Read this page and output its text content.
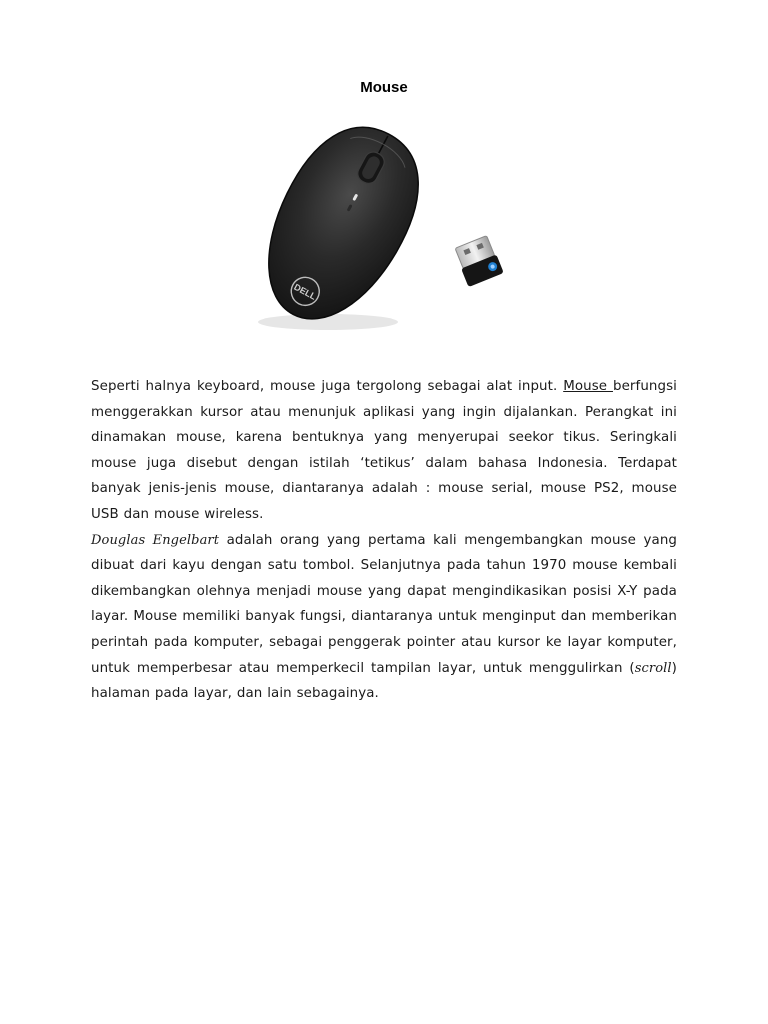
Mouse
DELL

Seperti halnya keyboard, mouse juga tergolong sebagai alat input. Mouse berfungsi menggerakkan kursor atau menunjuk aplikasi yang ingin dijalankan. Perangkat ini dinamakan mouse, karena bentuknya yang menyerupai seekor tikus. Seringkali mouse juga disebut dengan istilah ‘tetikus’ dalam bahasa Indonesia. Terdapat banyak jenis-jenis mouse, diantaranya adalah : mouse serial, mouse PS2, mouse USB dan mouse wireless.

Douglas Engelbart adalah orang yang pertama kali mengembangkan mouse yang dibuat dari kayu dengan satu tombol. Selanjutnya pada tahun 1970 mouse kembali dikembangkan olehnya menjadi mouse yang dapat mengindikasikan posisi X-Y pada layar. Mouse memiliki banyak fungsi, diantaranya untuk menginput dan memberikan perintah pada komputer, sebagai penggerak pointer atau kursor ke layar komputer, untuk memperbesar atau memperkecil tampilan layar, untuk menggulirkan (scroll) halaman pada layar, dan lain sebagainya.
